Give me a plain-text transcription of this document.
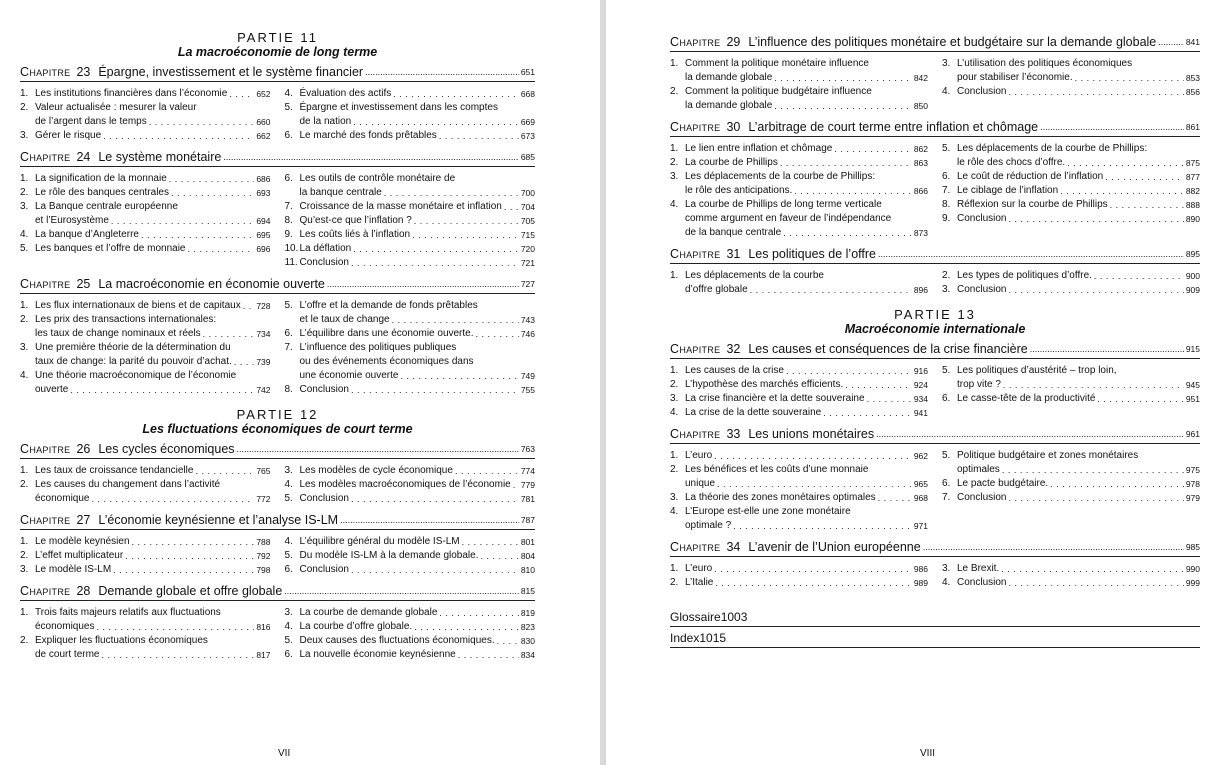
PARTIE 11
La macroéconomie de long terme
Chapitre 23 Épargne, investissement et le système financier .....	651
1. Les institutions financières dans l’économie . . .	652
2. Valeur actualisée : mesurer la valeur
de l’argent dans le temps . . .	660
3. Gérer le risque . . .	662
4. Évaluation des actifs . . .	668
5. Épargne et investissement dans les comptes
de la nation . . .	669
6. Le marché des fonds prêtables . . .	673
Chapitre 24 Le système monétaire .....	685
1. La signification de la monnaie . . .	686
2. Le rôle des banques centrales . . .	693
3. La Banque centrale européenne
et l’Eurosystème . . .	694
4. La banque d’Angleterre . . .	695
5. Les banques et l’offre de monnaie . . .	696
6. Les outils de contrôle monétaire de
la banque centrale . . .	700
7. Croissance de la masse monétaire et inflation . . . 704
8. Qu’est-ce que l’inflation ? . . .	705
9. Les coûts liés à l’inflation . . .	715
10.La déflation . . .	720
11. Conclusion . . .	721
Chapitre 25 La macroéconomie en économie ouverte .....	727
1. Les flux internationaux de biens et de capitaux . . . 728
2. Les prix des transactions internationales:
les taux de change nominaux et réels . . .	734
3. Une première théorie de la détermination du
taux de change: la parité du pouvoir d’achat. . . .	739
4. Une théorie macroéconomique de l’économie
ouverte . . .	742
5. L’offre et la demande de fonds prêtables
et le taux de change . . .	743
6. L’équilibre dans une économie ouverte. . . .	746
7. L’influence des politiques publiques
ou des événements économiques dans
une économie ouverte . . .	749
8. Conclusion . . .	755
PARTIE 12
Les fluctuations économiques de court terme
Chapitre 26 Les cycles économiques .....	763
1. Les taux de croissance tendancielle . . .	765
2. Les causes du changement dans l’activité
économique . . .	772
3. Les modèles de cycle économique . . .	774
4. Les modèles macroéconomiques de l’économie . . . 779
5. Conclusion . . .	781
Chapitre 27 L’économie keynésienne et l’analyse IS-LM .....	787
1. Le modèle keynésien . . .	788
2. L’effet multiplicateur . . .	792
3. Le modèle IS-LM . . .	798
4. L’équilibre général du modèle IS-LM . . .	801
5. Du modèle IS-LM à la demande globale. . . .	804
6. Conclusion . . .	810
Chapitre 28 Demande globale et offre globale .....	815
1. Trois faits majeurs relatifs aux fluctuations
économiques . . .	816
2. Expliquer les fluctuations économiques
de court terme . . .	817
3. La courbe de demande globale . . .	819
4. La courbe d’offre globale. . . .	823
5. Deux causes des fluctuations économiques. . . .	830
6. La nouvelle économie keynésienne . . .	834
VII
Chapitre 29 L’influence des politiques monétaire et budgétaire sur la demande globale .....	841
1. Comment la politique monétaire influence
la demande globale . . .	842
2. Comment la politique budgétaire influence
la demande globale . . .	850
3. L’utilisation des politiques économiques
pour stabiliser l’économie. . . .	853
4. Conclusion . . .	856
Chapitre 30 L’arbitrage de court terme entre inflation et chômage .....	861
1. Le lien entre inflation et chômage . . .	862
2. La courbe de Phillips . . .	863
3. Les déplacements de la courbe de Phillips:
le rôle des anticipations. . . .	866
4. La courbe de Phillips de long terme verticale
comme argument en faveur de l’indépendance
de la banque centrale . . .	873
5. Les déplacements de la courbe de Phillips:
le rôle des chocs d’offre. . . .	875
6. Le coût de réduction de l’inflation . . .	877
7. Le ciblage de l’inflation . . .	882
8. Réflexion sur la courbe de Phillips . . .	888
9. Conclusion . . .	890
Chapitre 31 Les politiques de l’offre .....	895
1. Les déplacements de la courbe
d’offre globale . . .	896
2. Les types de politiques d’offre. . . .	900
3. Conclusion . . .	909
PARTIE 13
Macroéconomie internationale
Chapitre 32 Les causes et conséquences de la crise financière .....	915
1. Les causes de la crise . . .	916
2. L’hypothèse des marchés efficients. . . .	924
3. La crise financière et la dette souveraine . . .	934
4. La crise de la dette souveraine . . .	941
5. Les politiques d’austérité – trop loin,
trop vite ? . . .	945
6. Le casse-tête de la productivité . . .	951
Chapitre 33 Les unions monétaires .....	961
1. L’euro . . .	962
2. Les bénéfices et les coûts d’une monnaie
unique . . .	965
3. La théorie des zones monétaires optimales . . .	968
4. L’Europe est-elle une zone monétaire
optimale ? . . .	971
5. Politique budgétaire et zones monétaires
optimales . . .	975
6. Le pacte budgétaire. . . .	978
7. Conclusion . . .	979
Chapitre 34 L’avenir de l’Union européenne .....	985
1. L’euro . . .	986
2. L’Italie . . .	989
3. Le Brexit. . . .	990
4. Conclusion . . .	999
Glossaire 1003
Index 1015
VIII
